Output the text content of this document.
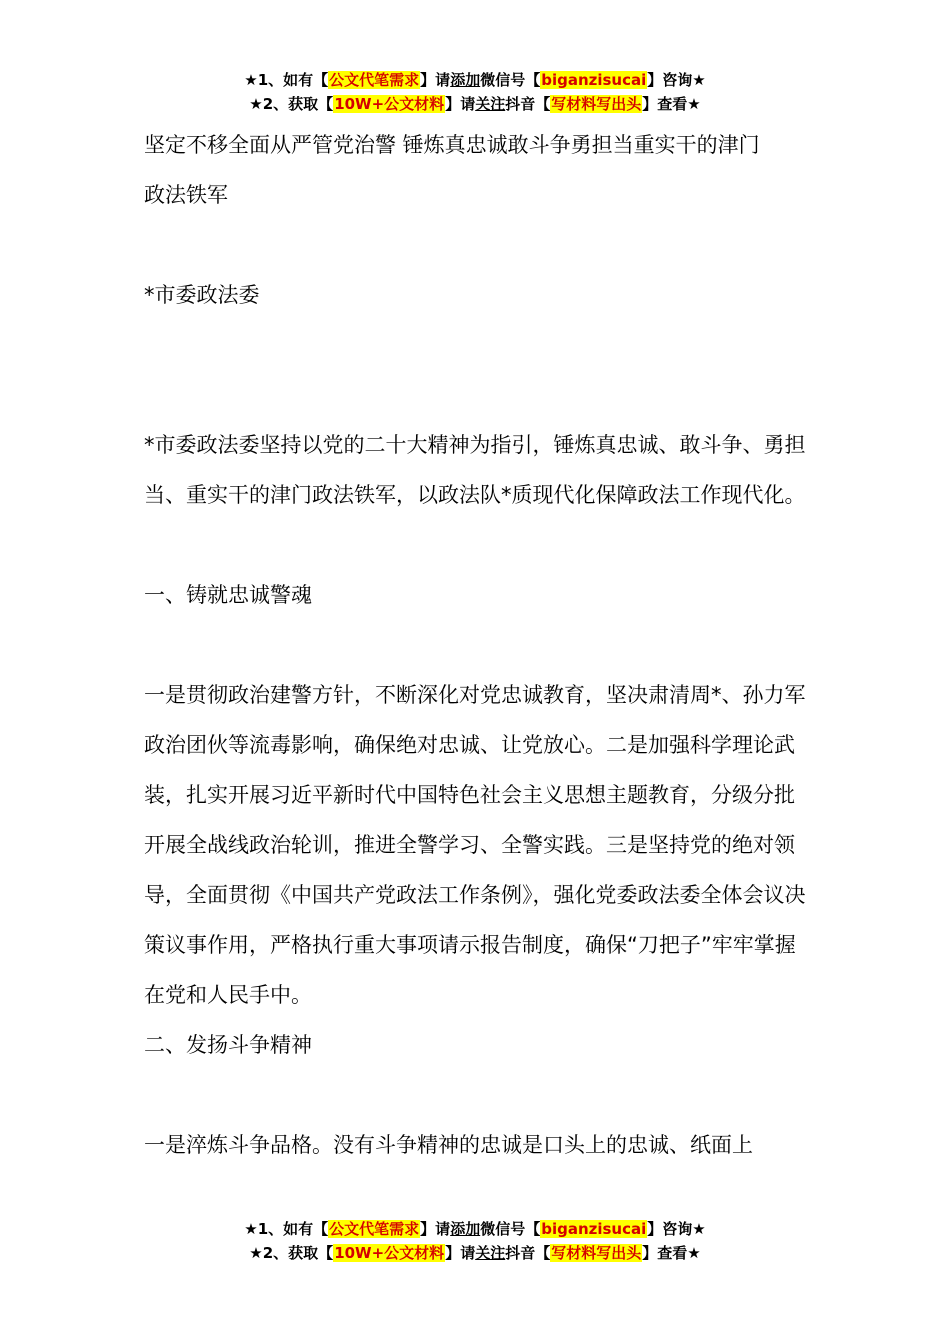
★1、如有【公文代笔需求】请添加微信号【biganzisucai】咨询★
★2、获取【10W+公文材料】请关注抖音【写材料写出头】查看★

坚定不移全面从严管党治警 锤炼真忠诚敢斗争勇担当重实干的津门

政法铁军

*市委政法委

*市委政法委坚持以党的二十大精神为指引，锤炼真忠诚、敢斗争、勇担当、重实干的津门政法铁军，以政法队*质现代化保障政法工作现代化。

一、铸就忠诚警魂

一是贯彻政治建警方针，不断深化对党忠诚教育，坚决肃清周*、孙力军政治团伙等流毒影响，确保绝对忠诚、让党放心。二是加强科学理论武装，扎实开展习近平新时代中国特色社会主义思想主题教育，分级分批开展全战线政治轮训，推进全警学习、全警实践。三是坚持党的绝对领导，全面贯彻《中国共产党政法工作条例》，强化党委政法委全体会议决策议事作用，严格执行重大事项请示报告制度，确保“刀把子”牢牢掌握在党和人民手中。

二、发扬斗争精神

一是淬炼斗争品格。没有斗争精神的忠诚是口头上的忠诚、纸面上

★1、如有【公文代笔需求】请添加微信号【biganzisucai】咨询★
★2、获取【10W+公文材料】请关注抖音【写材料写出头】查看★
